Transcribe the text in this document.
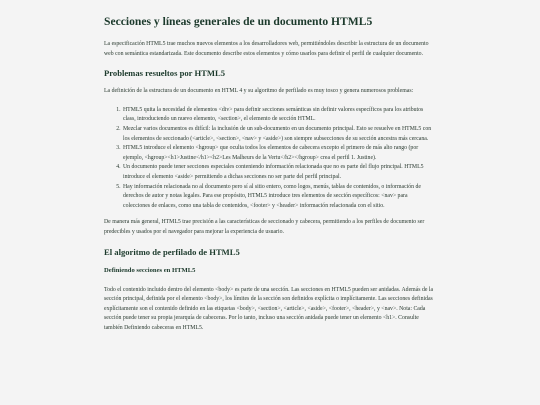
Secciones y líneas generales de un documento HTML5

La especificación HTML5 trae muchos nuevos elementos a los desarrolladores web, permitiéndoles describir la estructura de un documento web con semántica estandarizada. Este documento describe estos elementos y cómo usarlos para definir el perfil de cualquier documento.

Problemas resueltos por HTML5

La definición de la estructura de un documento en HTML 4 y su algoritmo de perfilado es muy tosco y genera numerosos problemas:

1. HTML5 quita la necesidad de elementos <div> para definir secciones semánticas sin definir valores específicos para los atributos class, introduciendo un nuevo elemento, <section>, el elemento de sección HTML.
2. Mezclar varios documentos es difícil: la inclusión de un sub-documento en un documento principal. Esto se resuelve en HTML5 con los elementos de seccionado (<article>, <section>, <nav> y <aside>) son siempre subsecciones de su sección ancestra más cercana.
3. HTML5 introduce el elemento <hgroup> que oculta todos los elementos de cabecera excepto el primero de más alto rango (por ejemplo, <hgroup><h1>Justine</h1><h2>Les Malheurs de la Vertu</h2></hgroup> crea el perfil 1. Justine).
4. Un documento puede tener secciones especiales conteniendo información relacionada que no es parte del flujo principal. HTML5 introduce el elemento <aside> permitiendo a dichas secciones no ser parte del perfil principal.
5. Hay información relacionada no al documento pero sí al sitio entero, como logos, menús, tablas de contenidos, o información de derechos de autor y notas legales. Para ese propósito, HTML5 introduce tres elementos de sección específicos: <nav> para colecciones de enlaces, como una tabla de contenidos, <footer> y <header> información relacionada con el sitio.

De manera más general, HTML5 trae precisión a las características de seccionado y cabecera, permitiendo a los perfiles de documento ser predecibles y usados por el navegador para mejorar la experiencia de usuario.

El algoritmo de perfilado de HTML5
Definiendo secciones en HTML5

Todo el contenido incluido dentro del elemento <body> es parte de una sección. Las secciones en HTML5 pueden ser anidadas. Además de la sección principal, definida por el elemento <body>, los límites de la sección son definidos explícita o implícitamente. Las secciones definidas explícitamente son el contenido definido en las etiquetas <body>, <section>, <article>, <aside>, <footer>, <header>, y <nav>. Nota: Cada sección puede tener su propia jerarquía de cabeceras. Por lo tanto, incluso una sección anidada puede tener un elemento <h1>. Consulte también Definiendo cabeceras en HTML5.
